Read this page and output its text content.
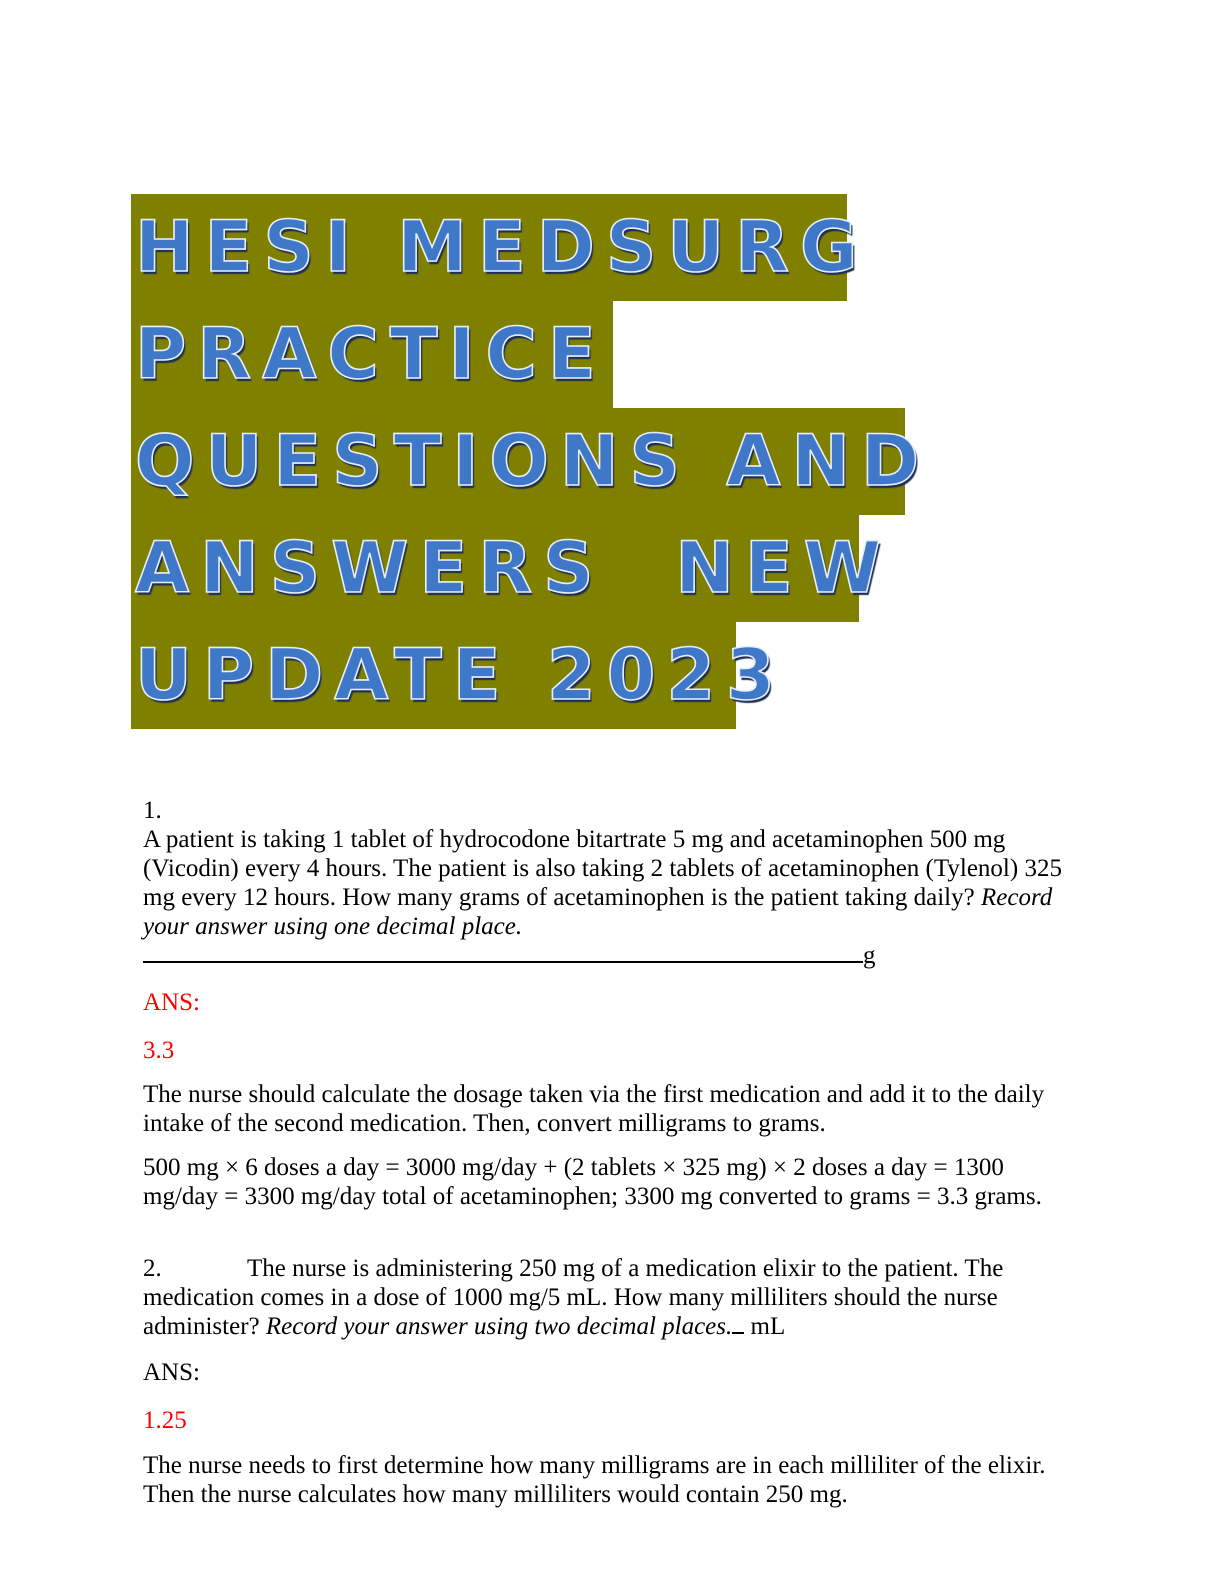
HESI MEDSURG
PRACTICE
QUESTIONS AND
ANSWERS  NEW
UPDATE 2023
1.
A patient is taking 1 tablet of hydrocodone bitartrate 5 mg and acetaminophen 500 mg (Vicodin) every 4 hours. The patient is also taking 2 tablets of acetaminophen (Tylenol) 325 mg every 12 hours. How many grams of acetaminophen is the patient taking daily? Record your answer using one decimal place.g
ANS:
3.3
The nurse should calculate the dosage taken via the first medication and add it to the daily intake of the second medication. Then, convert milligrams to grams.
500 mg × 6 doses a day = 3000 mg/day + (2 tablets × 325 mg) × 2 doses a day = 1300 mg/day = 3300 mg/day total of acetaminophen; 3300 mg converted to grams = 3.3 grams.
2.	The nurse is administering 250 mg of a medication elixir to the patient. The medication comes in a dose of 1000 mg/5 mL. How many milliliters should the nurse administer? Record your answer using two decimal places. mL
ANS:
1.25
The nurse needs to first determine how many milligrams are in each milliliter of the elixir. Then the nurse calculates how many milliliters would contain 250 mg.
